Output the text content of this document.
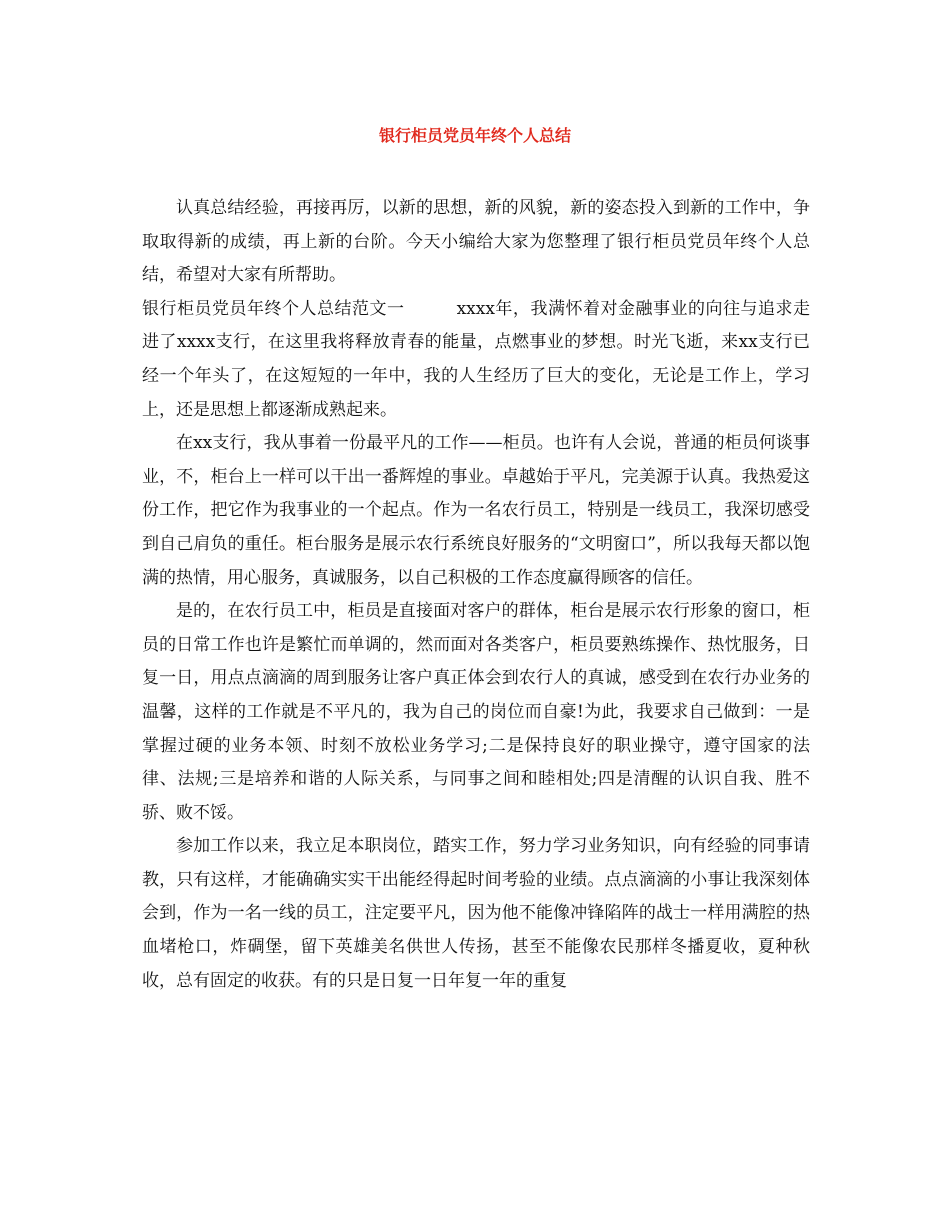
银行柜员党员年终个人总结

认真总结经验，再接再厉，以新的思想，新的风貌，新的姿态投入到新的工作中，争取取得新的成绩，再上新的台阶。今天小编给大家为您整理了银行柜员党员年终个人总结，希望对大家有所帮助。

银行柜员党员年终个人总结范文一	xxxx年，我满怀着对金融事业的向往与追求走进了xxxx支行，在这里我将释放青春的能量，点燃事业的梦想。时光飞逝，来xx支行已经一个年头了，在这短短的一年中，我的人生经历了巨大的变化，无论是工作上，学习上，还是思想上都逐渐成熟起来。

在xx支行，我从事着一份最平凡的工作——柜员。也许有人会说，普通的柜员何谈事业，不，柜台上一样可以干出一番辉煌的事业。卓越始于平凡，完美源于认真。我热爱这份工作，把它作为我事业的一个起点。作为一名农行员工，特别是一线员工，我深切感受到自己肩负的重任。柜台服务是展示农行系统良好服务的“文明窗口”，所以我每天都以饱满的热情，用心服务，真诚服务，以自己积极的工作态度赢得顾客的信任。

是的，在农行员工中，柜员是直接面对客户的群体，柜台是展示农行形象的窗口，柜员的日常工作也许是繁忙而单调的，然而面对各类客户，柜员要熟练操作、热忱服务，日复一日，用点点滴滴的周到服务让客户真正体会到农行人的真诚，感受到在农行办业务的温馨，这样的工作就是不平凡的，我为自己的岗位而自豪!为此，我要求自己做到：一是掌握过硬的业务本领、时刻不放松业务学习;二是保持良好的职业操守，遵守国家的法律、法规;三是培养和谐的人际关系，与同事之间和睦相处;四是清醒的认识自我、胜不骄、败不馁。

参加工作以来，我立足本职岗位，踏实工作，努力学习业务知识，向有经验的同事请教，只有这样，才能确确实实干出能经得起时间考验的业绩。点点滴滴的小事让我深刻体会到，作为一名一线的员工，注定要平凡，因为他不能像冲锋陷阵的战士一样用满腔的热血堵枪口，炸碉堡，留下英雄美名供世人传扬，甚至不能像农民那样冬播夏收，夏种秋收，总有固定的收获。有的只是日复一日年复一年的重复
